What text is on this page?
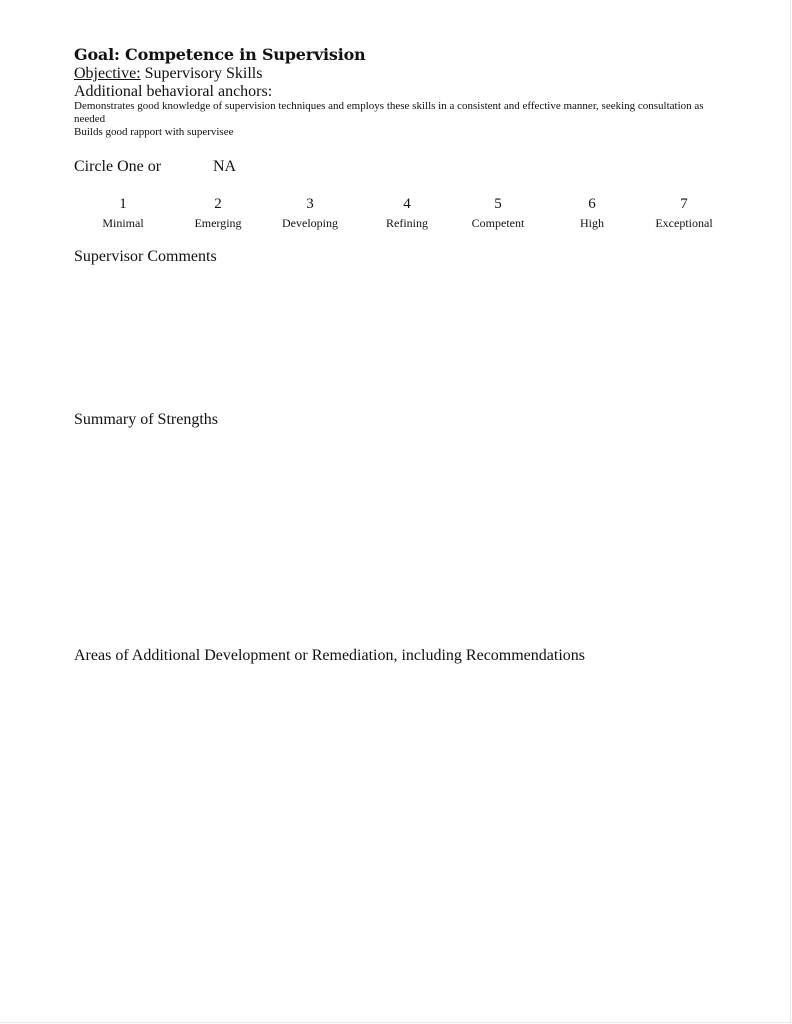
Goal: Competence in Supervision
Objective: Supervisory Skills
Additional behavioral anchors:
Demonstrates good knowledge of supervision techniques and employs these skills in a consistent and effective manner, seeking consultation as needed
Builds good rapport with supervisee
Circle One or	NA
1
Minimal
2
Emerging
3
Developing
4
Refining
5
Competent
6
High
7
Exceptional
Supervisor Comments
Summary of Strengths
Areas of Additional Development or Remediation, including Recommendations
